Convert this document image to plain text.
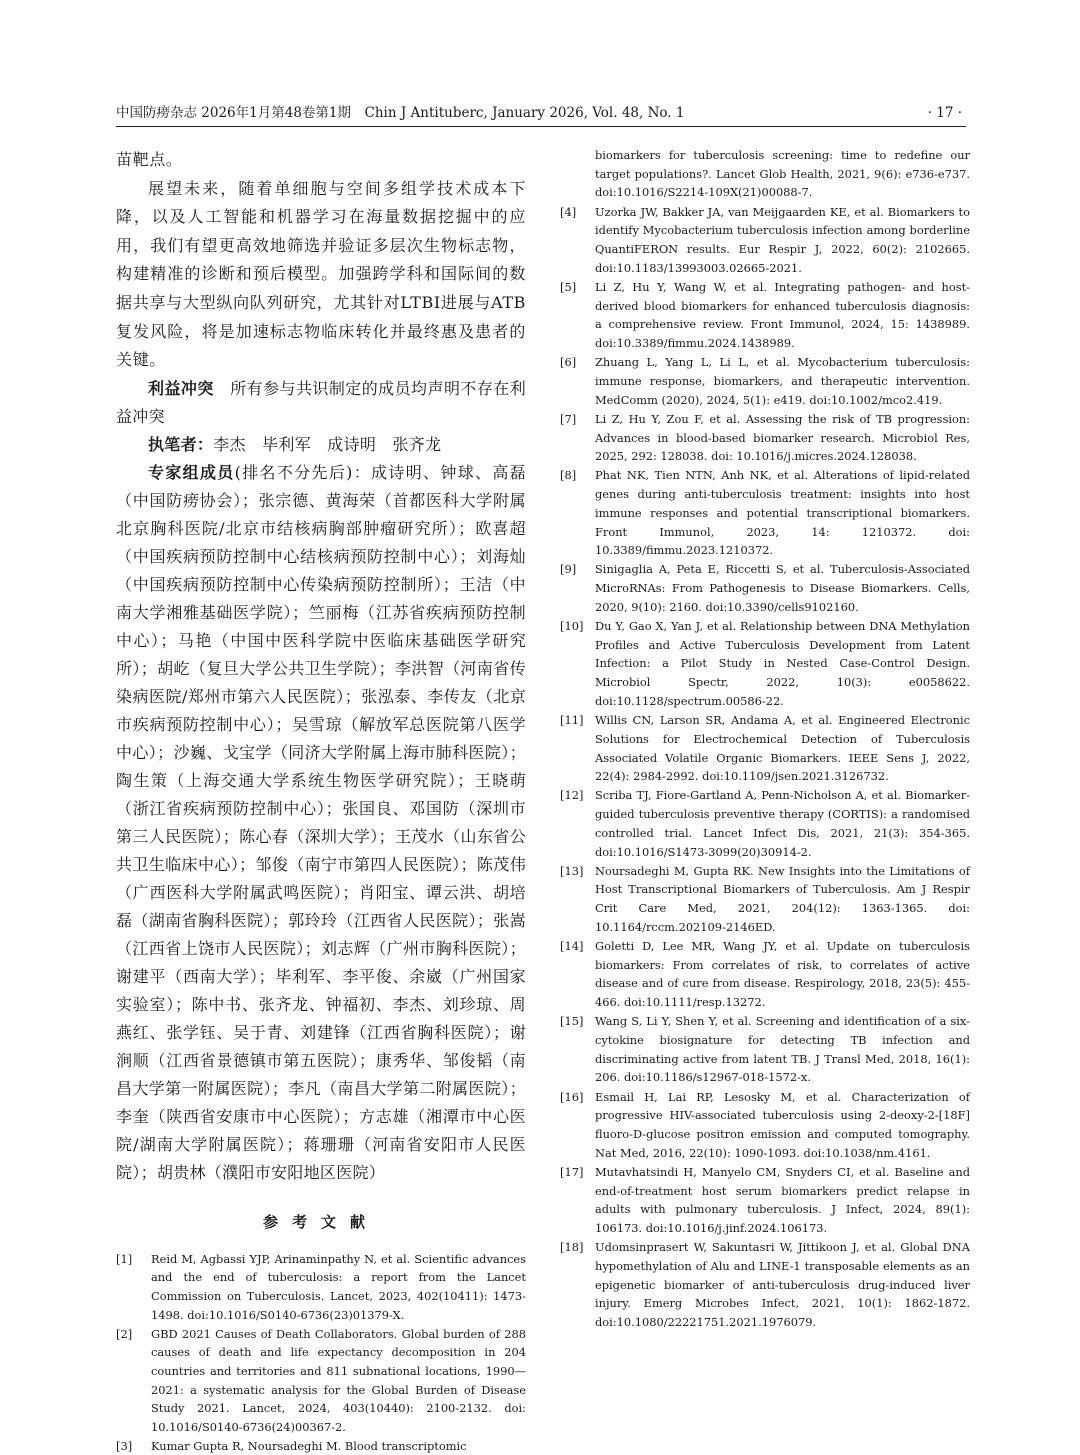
中国防痨杂志 2026年1月第48卷第1期　Chin J Antituberc, January 2026, Vol. 48, No. 1	· 17 ·

苗靶点。

展望未来，随着单细胞与空间多组学技术成本下降，以及人工智能和机器学习在海量数据挖掘中的应用，我们有望更高效地筛选并验证多层次生物标志物，构建精准的诊断和预后模型。加强跨学科和国际间的数据共享与大型纵向队列研究，尤其针对LTBI进展与ATB复发风险，将是加速标志物临床转化并最终惠及患者的关键。

利益冲突　 所有参与共识制定的成员均声明不存在利益冲突

执笔者：李杰　毕利军　成诗明　张齐龙

专家组成员(排名不分先后)：成诗明、钟球、高磊（中国防痨协会）；张宗德、黄海荣（首都医科大学附属北京胸科医院/北京市结核病胸部肿瘤研究所）；欧喜超（中国疾病预防控制中心结核病预防控制中心）；刘海灿（中国疾病预防控制中心传染病预防控制所）；王洁（中南大学湘雅基础医学院）；竺丽梅（江苏省疾病预防控制中心）；马艳（中国中医科学院中医临床基础医学研究所）；胡屹（复旦大学公共卫生学院）；李洪智（河南省传染病医院/郑州市第六人民医院）；张泓泰、李传友（北京市疾病预防控制中心）；吴雪琼（解放军总医院第八医学中心）；沙巍、戈宝学（同济大学附属上海市肺科医院）；陶生策（上海交通大学系统生物医学研究院）；王晓萌（浙江省疾病预防控制中心）；张国良、邓国防（深圳市第三人民医院）；陈心春（深圳大学）；王茂水（山东省公共卫生临床中心）；邹俊（南宁市第四人民医院）；陈茂伟（广西医科大学附属武鸣医院）；肖阳宝、谭云洪、胡培磊（湖南省胸科医院）；郭玲玲（江西省人民医院）；张嵩（江西省上饶市人民医院）；刘志辉（广州市胸科医院）；谢建平（西南大学）；毕利军、李平俊、余崴（广州国家实验室）；陈中书、张齐龙、钟福初、李杰、刘珍琼、周燕红、张学钰、吴于青、刘建锋（江西省胸科医院）；谢涧顺（江西省景德镇市第五医院）；康秀华、邹俊韬（南昌大学第一附属医院）；李凡（南昌大学第二附属医院）；李奎（陕西省安康市中心医院）；方志雄（湘潭市中心医院/湖南大学附属医院）；蒋珊珊（河南省安阳市人民医院）；胡贵林（濮阳市安阳地区医院）

参考文献
[1] Reid M, Agbassi YJP, Arinaminpathy N, et al. Scientific advances and the end of tuberculosis: a report from the Lancet Commission on Tuberculosis. Lancet, 2023, 402(10411): 1473-1498. doi:10.1016/S0140-6736(23)01379-X.
[2] GBD 2021 Causes of Death Collaborators. Global burden of 288 causes of death and life expectancy decomposition in 204 countries and territories and 811 subnational locations, 1990—2021: a systematic analysis for the Global Burden of Disease Study 2021. Lancet, 2024, 403(10440): 2100-2132. doi: 10.1016/S0140-6736(24)00367-2.
[3] Kumar Gupta R, Noursadeghi M. Blood transcriptomic
biomarkers for tuberculosis screening: time to redefine our target populations?. Lancet Glob Health, 2021, 9(6): e736-e737. doi:10.1016/S2214-109X(21)00088-7.
[4] Uzorka JW, Bakker JA, van Meijgaarden KE, et al. Biomarkers to identify Mycobacterium tuberculosis infection among borderline QuantiFERON results. Eur Respir J, 2022, 60(2): 2102665. doi:10.1183/13993003.02665-2021.
[5] Li Z, Hu Y, Wang W, et al. Integrating pathogen- and host-derived blood biomarkers for enhanced tuberculosis diagnosis: a comprehensive review. Front Immunol, 2024, 15: 1438989. doi:10.3389/fimmu.2024.1438989.
[6] Zhuang L, Yang L, Li L, et al. Mycobacterium tuberculosis: immune response, biomarkers, and therapeutic intervention. MedComm (2020), 2024, 5(1): e419. doi:10.1002/mco2.419.
[7] Li Z, Hu Y, Zou F, et al. Assessing the risk of TB progression: Advances in blood-based biomarker research. Microbiol Res, 2025, 292: 128038. doi: 10.1016/j.micres.2024.128038.
[8] Phat NK, Tien NTN, Anh NK, et al. Alterations of lipid-related genes during anti-tuberculosis treatment: insights into host immune responses and potential transcriptional biomarkers. Front Immunol, 2023, 14: 1210372. doi: 10.3389/fimmu.2023.1210372.
[9] Sinigaglia A, Peta E, Riccetti S, et al. Tuberculosis-Associated MicroRNAs: From Pathogenesis to Disease Biomarkers. Cells, 2020, 9(10): 2160. doi:10.3390/cells9102160.
[10] Du Y, Gao X, Yan J, et al. Relationship between DNA Methylation Profiles and Active Tuberculosis Development from Latent Infection: a Pilot Study in Nested Case-Control Design. Microbiol Spectr, 2022, 10(3): e0058622. doi:10.1128/spectrum.00586-22.
[11] Willis CN, Larson SR, Andama A, et al. Engineered Electronic Solutions for Electrochemical Detection of Tuberculosis Associated Volatile Organic Biomarkers. IEEE Sens J, 2022, 22(4): 2984-2992. doi:10.1109/jsen.2021.3126732.
[12] Scriba TJ, Fiore-Gartland A, Penn-Nicholson A, et al. Biomarker-guided tuberculosis preventive therapy (CORTIS): a randomised controlled trial. Lancet Infect Dis, 2021, 21(3): 354-365. doi:10.1016/S1473-3099(20)30914-2.
[13] Noursadeghi M, Gupta RK. New Insights into the Limitations of Host Transcriptional Biomarkers of Tuberculosis. Am J Respir Crit Care Med, 2021, 204(12): 1363-1365. doi: 10.1164/rccm.202109-2146ED.
[14] Goletti D, Lee MR, Wang JY, et al. Update on tuberculosis biomarkers: From correlates of risk, to correlates of active disease and of cure from disease. Respirology, 2018, 23(5): 455-466. doi:10.1111/resp.13272.
[15] Wang S, Li Y, Shen Y, et al. Screening and identification of a six-cytokine biosignature for detecting TB infection and discriminating active from latent TB. J Transl Med, 2018, 16(1): 206. doi:10.1186/s12967-018-1572-x.
[16] Esmail H, Lai RP, Lesosky M, et al. Characterization of progressive HIV-associated tuberculosis using 2-deoxy-2-[18F] fluoro-D-glucose positron emission and computed tomography. Nat Med, 2016, 22(10): 1090-1093. doi:10.1038/nm.4161.
[17] Mutavhatsindi H, Manyelo CM, Snyders CI, et al. Baseline and end-of-treatment host serum biomarkers predict relapse in adults with pulmonary tuberculosis. J Infect, 2024, 89(1): 106173. doi:10.1016/j.jinf.2024.106173.
[18] Udomsinprasert W, Sakuntasri W, Jittikoon J, et al. Global DNA hypomethylation of Alu and LINE-1 transposable elements as an epigenetic biomarker of anti-tuberculosis drug-induced liver injury. Emerg Microbes Infect, 2021, 10(1): 1862-1872. doi:10.1080/22221751.2021.1976079.
